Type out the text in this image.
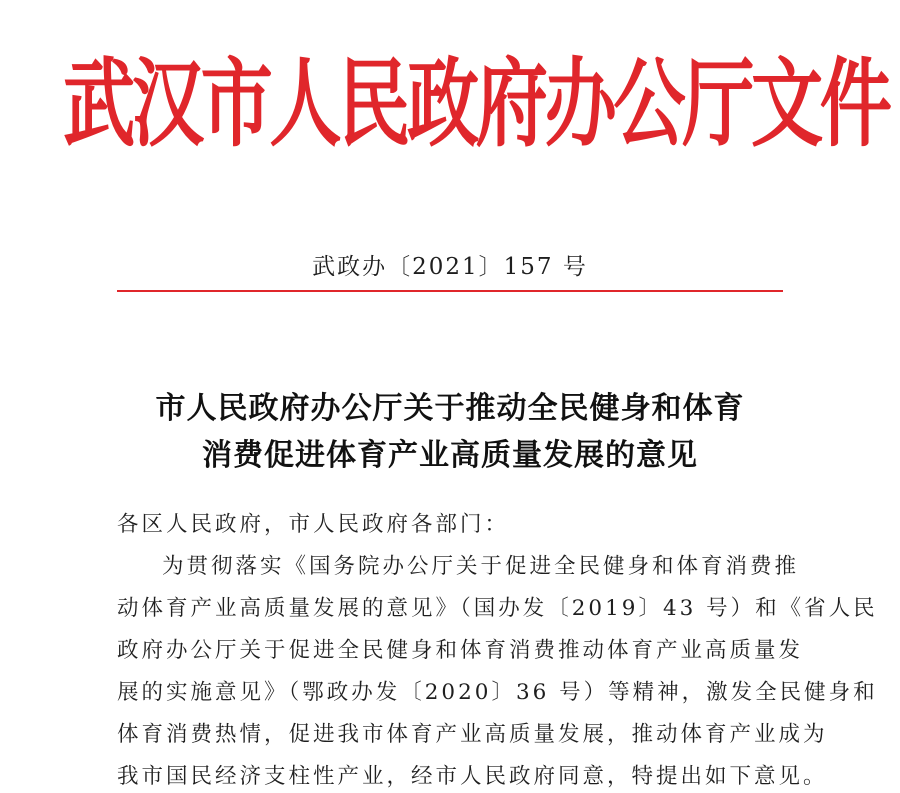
武汉市人民政府办公厅文件
武政办〔2021〕157 号
市人民政府办公厅关于推动全民健身和体育
消费促进体育产业高质量发展的意见
各区人民政府，市人民政府各部门：
为贯彻落实《国务院办公厅关于促进全民健身和体育消费推
动体育产业高质量发展的意见》（国办发〔2019〕43 号）和《省人民
政府办公厅关于促进全民健身和体育消费推动体育产业高质量发
展的实施意见》（鄂政办发〔2020〕36 号）等精神，激发全民健身和
体育消费热情，促进我市体育产业高质量发展，推动体育产业成为
我市国民经济支柱性产业，经市人民政府同意，特提出如下意见。
